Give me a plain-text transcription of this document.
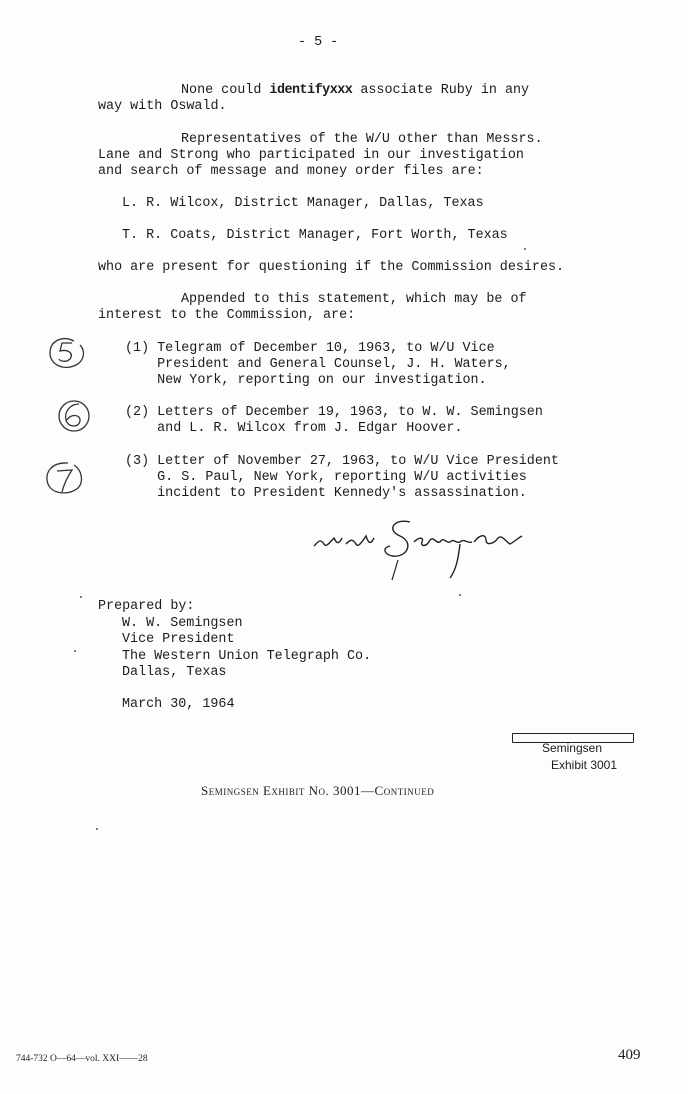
- 5 -
None could identifyxxx associate Ruby in any
way with Oswald.
Representatives of the W/U other than Messrs.
Lane and Strong who participated in our investigation
and search of message and money order files are:
L. R. Wilcox, District Manager, Dallas, Texas
T. R. Coats, District Manager, Fort Worth, Texas
who are present for questioning if the Commission desires.
Appended to this statement, which may be of
interest to the Commission, are:
(1) Telegram of December 10, 1963, to W/U Vice
President and General Counsel, J. H. Waters,
New York, reporting on our investigation.
(2) Letters of December 19, 1963, to W. W. Semingsen
and L. R. Wilcox from J. Edgar Hoover.
(3) Letter of November 27, 1963, to W/U Vice President
G. S. Paul, New York, reporting W/U activities
incident to President Kennedy's assassination.
Prepared by:
W. W. Semingsen
Vice President
The Western Union Telegraph Co.
Dallas, Texas
March 30, 1964
Semingsen
Exhibit 3001
Semingsen Exhibit No. 3001—Continued
744-732 O—64—vol. XXI——28	409
